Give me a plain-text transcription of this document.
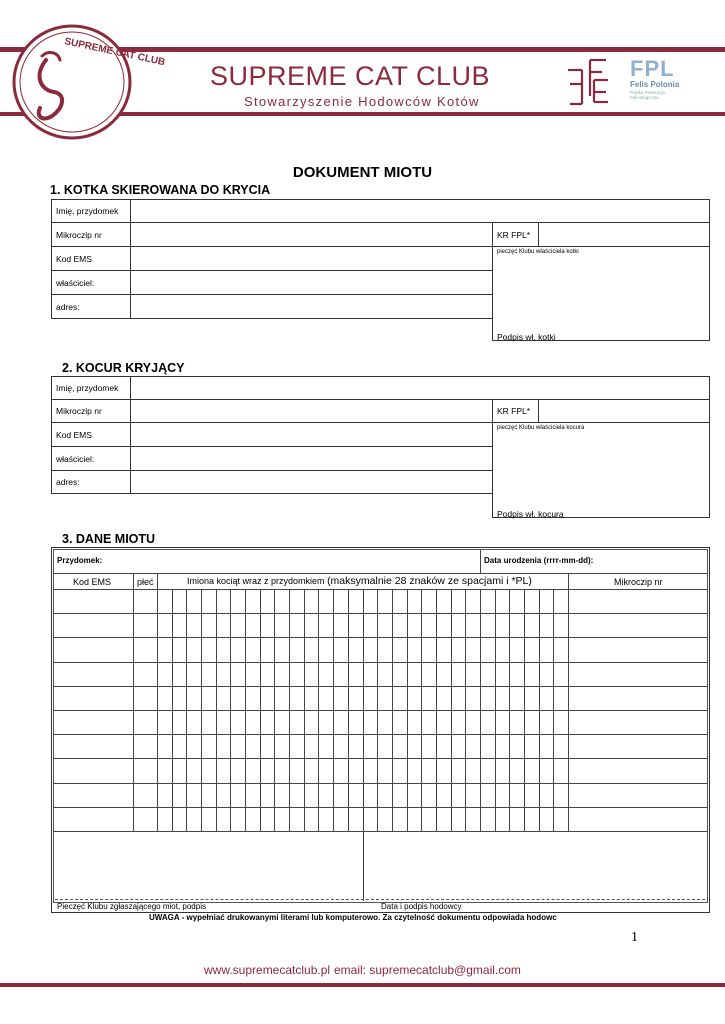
SUPREME CAT CLUB
SUPREME CAT CLUB
Stowarzyszenie Hodowców Kotów
FPL
Felis Polonia
Polska Federacja
Felinologiczna
DOKUMENT MIOTU
1. KOTKA SKIEROWANA DO KRYCIA
Imię, przydomek			
Mikroczip nr		KR FPL*	
Kod EMS		pieczęć Klubu właściciela kotki	
właściciel:			
adres:			

Podpis wł. kotki
2. KOCUR KRYJĄCY
Imię, przydomek			
Mikroczip nr		KR FPL*	
Kod EMS		pieczęć Klubu właściciela kocura	
właściciel:			
adres:			

Podpis wł. kocura
3. DANE MIOTU
Przydomek:	Data urodzenia (rrrr-mm-dd):
Kod EMS	płeć	Imiona kociąt wraz z przydomkiem (maksymalnie 28 znaków ze spacjami i *PL)	Mikroczip nr
Pieczęć Klubu zgłaszającego miot, podpis	Data i podpis hodowcy
UWAGA - wypełniać drukowanymi literami lub komputerowo. Za czytelność dokumentu odpowiada hodowc
1
www.supremecatclub.pl email: supremecatclub@gmail.com
